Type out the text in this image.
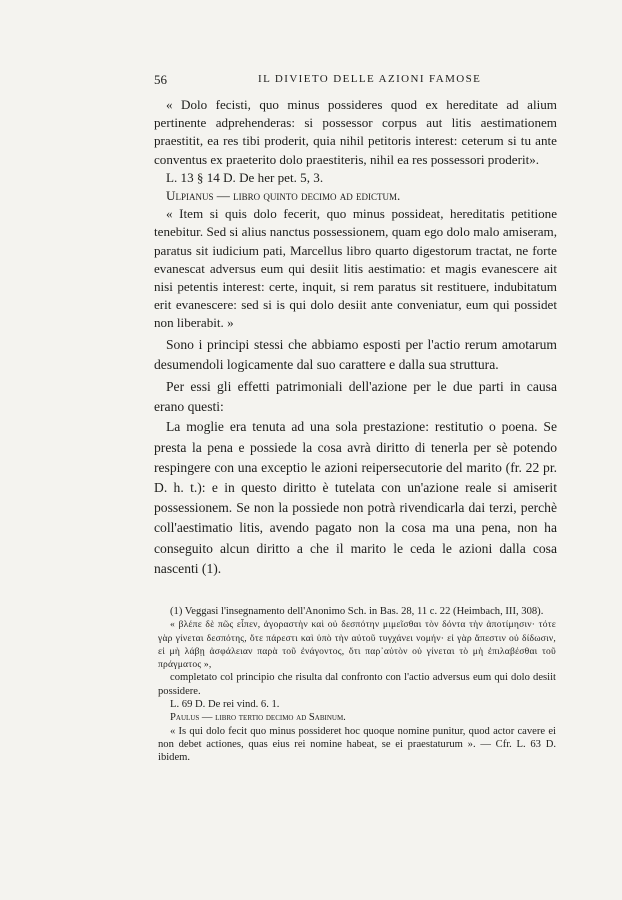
56	IL DIVIETO DELLE AZIONI FAMOSE

« Dolo fecisti, quo minus possideres quod ex hereditate ad alium pertinente adprehenderas: si possessor corpus aut litis aestimationem praestitit, ea res tibi proderit, quia nihil petitoris interest: ceterum si tu ante conventus ex praeterito dolo praestiteris, nihil ea res possessori proderit».

L. 13 § 14 D. De her pet. 5, 3.

Ulpianus — libro quinto decimo ad edictum.

« Item si quis dolo fecerit, quo minus possideat, hereditatis petitione tenebitur. Sed si alius nanctus possessionem, quam ego dolo malo amiseram, paratus sit iudicium pati, Marcellus libro quarto digestorum tractat, ne forte evanescat adversus eum qui desiit litis aestimatio: et magis evanescere ait nisi petentis interest: certe, inquit, si rem paratus sit restituere, indubitatum erit evanescere: sed si is qui dolo desiit ante conveniatur, eum qui possidet non liberabit. »

Sono i principi stessi che abbiamo esposti per l'actio rerum amotarum desumendoli logicamente dal suo carattere e dalla sua struttura.

Per essi gli effetti patrimoniali dell'azione per le due parti in causa erano questi:

La moglie era tenuta ad una sola prestazione: restitutio o poena. Se presta la pena e possiede la cosa avrà diritto di tenerla per sè potendo respingere con una exceptio le azioni reipersecutorie del marito (fr. 22 pr. D. h. t.): e in questo diritto è tutelata con un'azione reale si amiserit possessionem. Se non la possiede non potrà rivendicarla dai terzi, perchè coll'aestimatio litis, avendo pagato non la cosa ma una pena, non ha conseguito alcun diritto a che il marito le ceda le azioni dalla cosa nascenti (1).

(1) Veggasi l'insegnamento dell'Anonimo Sch. in Bas. 28, 11 c. 22 (Heimbach, III, 308).

« βλέπε δὲ πῶς εἶπεν, ἀγοραστὴν καὶ οὐ δεσπότην μιμεῖσθαι τὸν δόντα τὴν ἀποτίμησιν· τότε γὰρ γίνεται δεσπότης, ὅτε πάρεστι καὶ ὑπὸ τὴν αὐτοῦ τυγχάνει νομήν· εἰ γὰρ ἄπεστιν οὐ δίδωσιν, εἰ μὴ λάβῃ ἀσφάλειαν παρὰ τοῦ ἐνάγοντος, ὅτι παρ᾽αὐτὸν οὐ γίνεται τὸ μὴ ἐπιλαβέσθαι τοῦ πράγματος »,

completato col principio che risulta dal confronto con l'actio adversus eum qui dolo desiit possidere.

L. 69 D. De rei vind. 6. 1.

Paulus — libro tertio decimo ad Sabinum.

« Is qui dolo fecit quo minus possideret hoc quoque nomine punitur, quod actor cavere ei non debet actiones, quas eius rei nomine habeat, se ei praestaturum ». — Cfr. L. 63 D. ibidem.
